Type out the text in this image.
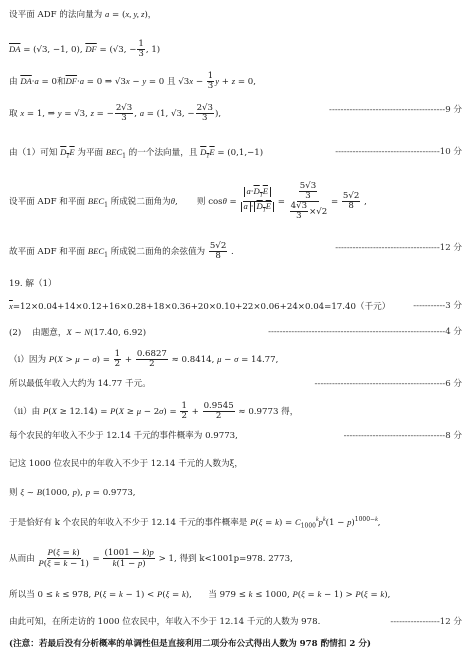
设平面 ADF 的法向量为 a = (x, y, z)，
$\overline{DA} = (√3$, −1, 0), $\overline{DF} = (√3$, − $\frac{1}{3}$ , 1)
由 $\overline{DA}\cdot a = 0$和$\overline{DF}\cdot a = 0$ ⇒ √3x − y = 0 且 $√3x - \frac{1}{3}$ y + z = 0,
取 x = 1, ⇒ y = √3, z = − $\frac{2√3}{3}$ , a = (1, √3, − $\frac{2√3}{3}$ ),	----------------------------------------9 分
由（1）可知 $D_1E$ 为平面 $BEC_1$ 的一个法向量，且 $D_1E = (0,1,-1)$	------------------------------------10 分
设平面 ADF 和平面 $BEC_1$ 所成锐二面角为θ,       则 $\cos\theta = \frac{a\cdot D_1E}{a \cdot D_1E} = \frac{\frac{5√3}{3}}{\frac{4√3}{3} \times√2} = \frac{5√2}{8}$ ,
故平面 ADF 和平面 $BEC_1$ 所成锐二面角的余弦值为 $\frac{5√2}{8}$ .	------------------------------------12 分
19. 解（1）
$\overline{x}=12\times 0.04+14\times 0.12+16\times 0.28+18\times 0.36+20\times 0.10+22\times 0.06+24\times 0.04=17.40$（千元）	-----------3 分
(2)    由题意，X ~ N(17.40, 6.92)	-------------------------------------------------------------4 分
（ⅰ）因为 $P(X > \mu - \sigma) = \frac{1}{2} + \frac{0.6827}{2} \approx 0.8414$, μ − σ = 14.77,
所以最低年收入大约为 14.77 千元。	---------------------------------------------6 分
（ⅱ）由 $P(X \ge 12.14) = P(X \ge \mu - 2\sigma) = \frac{1}{2} + \frac{0.9545}{2} \approx 0.9773$ 得，
每个农民的年收入不少于 12.14 千元的事件概率为 0.9773,	-----------------------------------8 分
记这 1000 位农民中的年收入不少于 12.14 千元的人数为ξ，
则 ξ ~ B(1000, p), p = 0.9773,
于是恰好有 k 个农民的年收入不少于 12.14 千元的事件概率是 $P(\xi = k) = C_{1000}^kp^k(1 - p)^{1000-k}$,
从而由 $\frac{P(\xi = k)}{P(\xi = k - 1)} = \frac{(1001 - k)p}{k(1 - p)} > 1$, 得到 k<1001p=978. 2773,
所以当 0 ≤ k ≤ 978, P(ξ = k − 1) < P(ξ = k),      当 979 ≤ k ≤ 1000, P(ξ = k − 1) > P(ξ = k),
由此可知，在所走访的 1000 位农民中，年收入不少于 12.14 千元的人数为 978.	-----------------12 分
(注意：若最后没有分析概率的单调性但是直接利用二项分布公式得出人数为 978 酌情扣 2 分)
